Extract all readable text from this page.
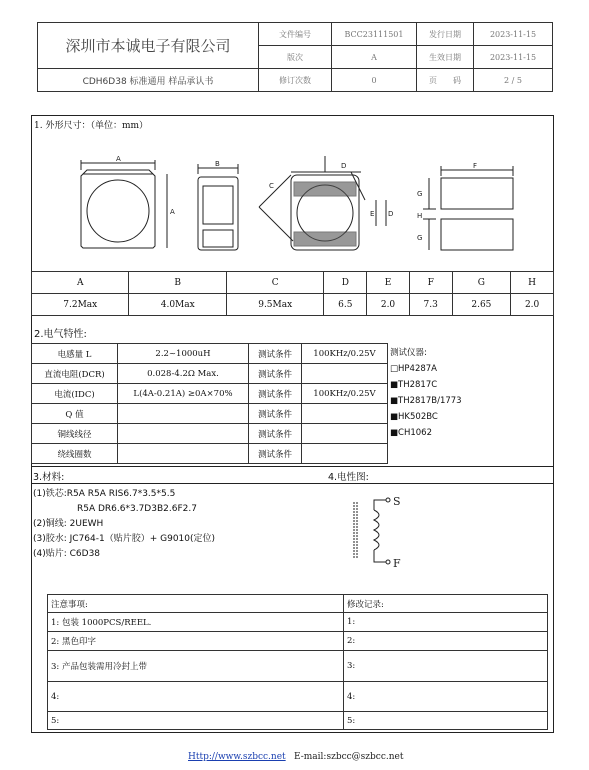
深圳市本诚电子有限公司	文件编号	BCC23111501	发行日期	2023-11-15
	版次	A	生效日期	2023-11-15
CDH6D38 标准通用 样品承认书	修订次数	0	页　　码	2 / 5
1. 外形尺寸：（单位：mm）
A
A
B
C
D
E D
F
G
H
G
A	B	C	D	E	F	G	H
7.2Max	4.0Max	9.5Max	6.5	2.0	7.3	2.65	2.0
2.电气特性:
电感量 L	2.2~1000uH	测试条件	100KHz/0.25V
直流电阻(DCR)	0.028-4.2Ω Max.	测试条件	
电流(IDC)	L(4A-0.21A) ≥0A×70%	测试条件	100KHz/0.25V
Q 值		测试条件	
铜线线径		测试条件	
绕线圈数		测试条件	
测试仪器:
□HP4287A
■TH2817C
■TH2817B/1773
■HK502BC
■CH1062
3.材料:	4.电性图:
(1)铁芯:R5A R5A RIS6.7*3.5*5.5
R5A DR6.6*3.7D3B2.6F2.7
(2)铜线: 2UEWH
(3)胶水: JC764-1（贴片胶）+ G9010(定位)
(4)贴片: C6D38
S
F
注意事项:	修改记录:
1: 包装 1000PCS/REEL.	1:
2: 黑色印字	2:
3: 产品包装需用冷封上带	3:
4:	4:
5:	5:
Http://www.szbcc.net E-mail:szbcc@szbcc.net
